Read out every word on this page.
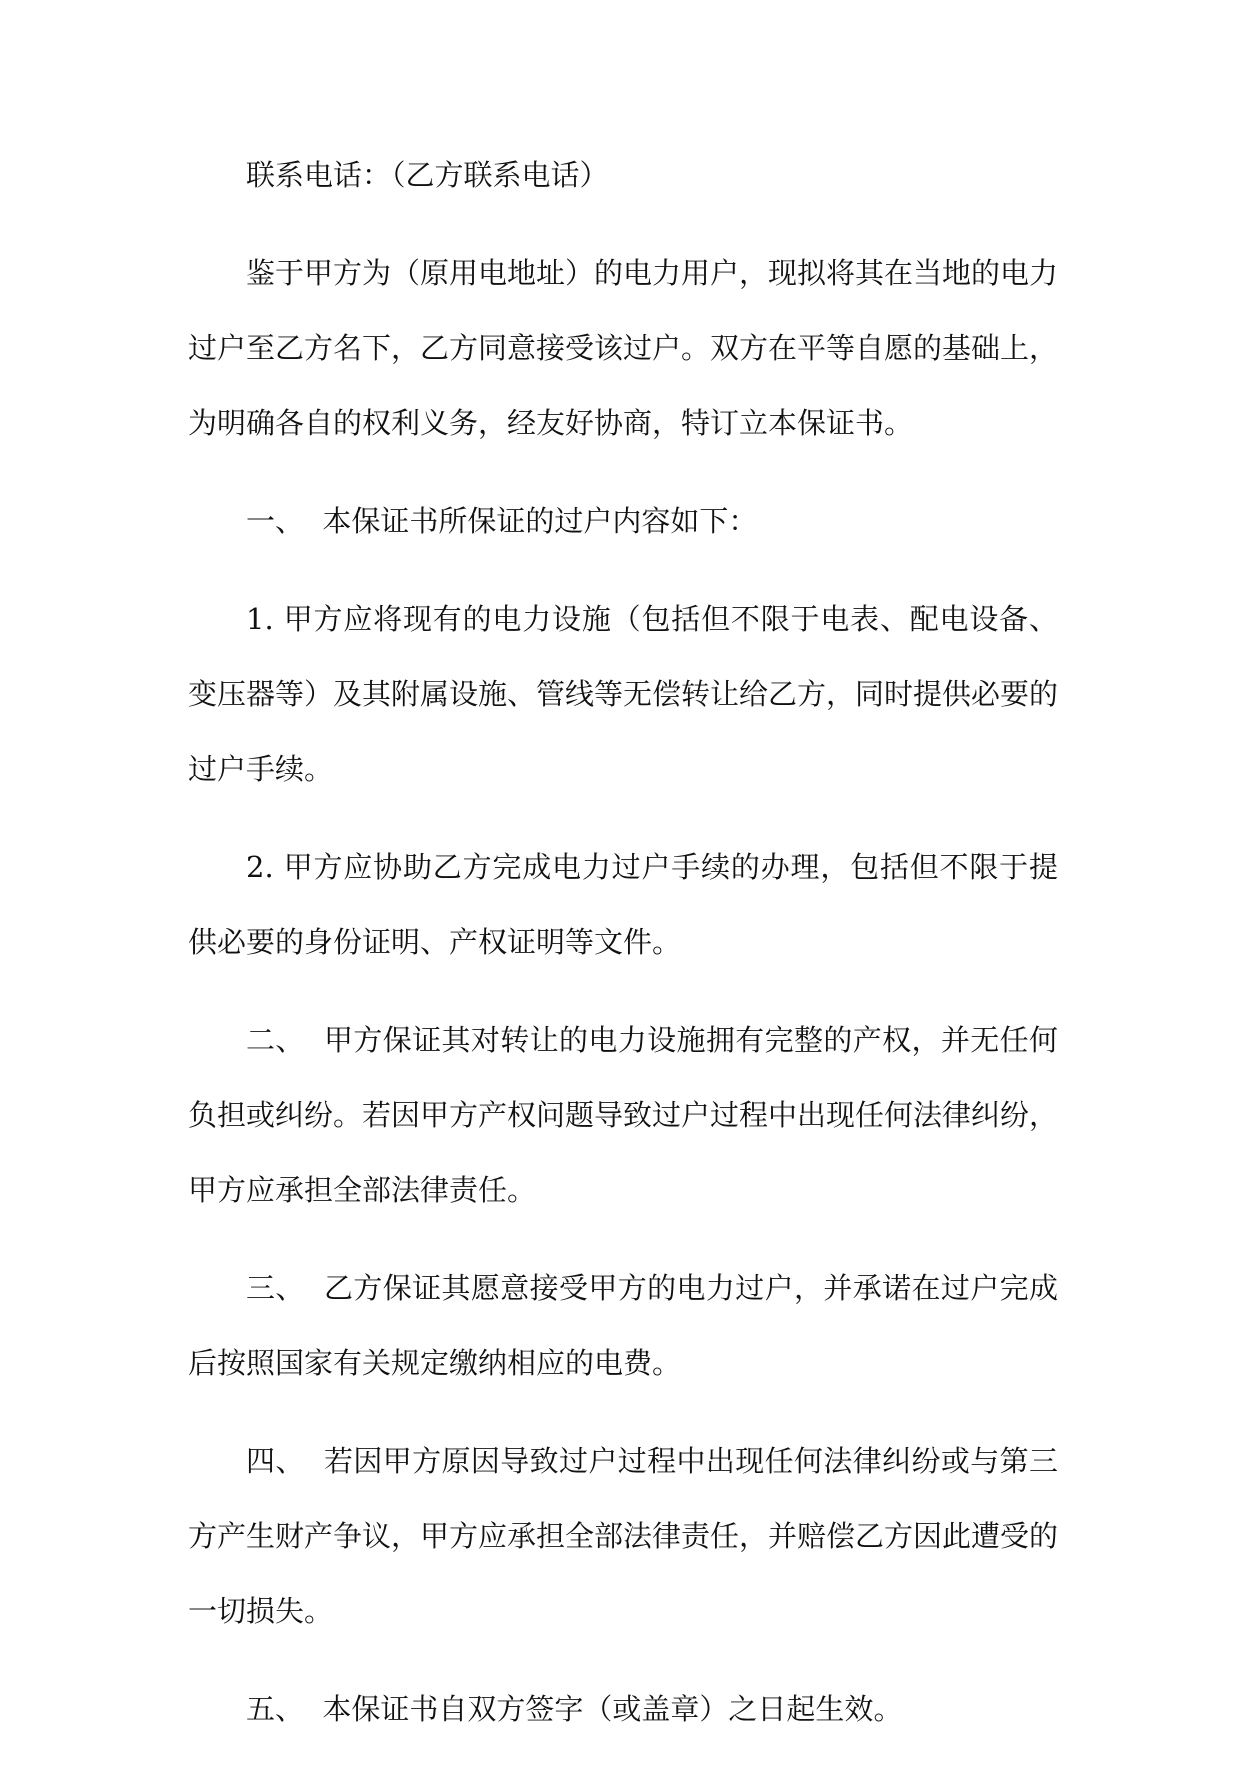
联系电话：（乙方联系电话）

鉴于甲方为（原用电地址）的电力用户，现拟将其在当地的电力过户至乙方名下，乙方同意接受该过户。双方在平等自愿的基础上，为明确各自的权利义务，经友好协商，特订立本保证书。

一、  本保证书所保证的过户内容如下：

1. 甲方应将现有的电力设施（包括但不限于电表、配电设备、变压器等）及其附属设施、管线等无偿转让给乙方，同时提供必要的过户手续。

2. 甲方应协助乙方完成电力过户手续的办理，包括但不限于提供必要的身份证明、产权证明等文件。

二、  甲方保证其对转让的电力设施拥有完整的产权，并无任何负担或纠纷。若因甲方产权问题导致过户过程中出现任何法律纠纷，甲方应承担全部法律责任。

三、  乙方保证其愿意接受甲方的电力过户，并承诺在过户完成后按照国家有关规定缴纳相应的电费。

四、  若因甲方原因导致过户过程中出现任何法律纠纷或与第三方产生财产争议，甲方应承担全部法律责任，并赔偿乙方因此遭受的一切损失。

五、  本保证书自双方签字（或盖章）之日起生效。
